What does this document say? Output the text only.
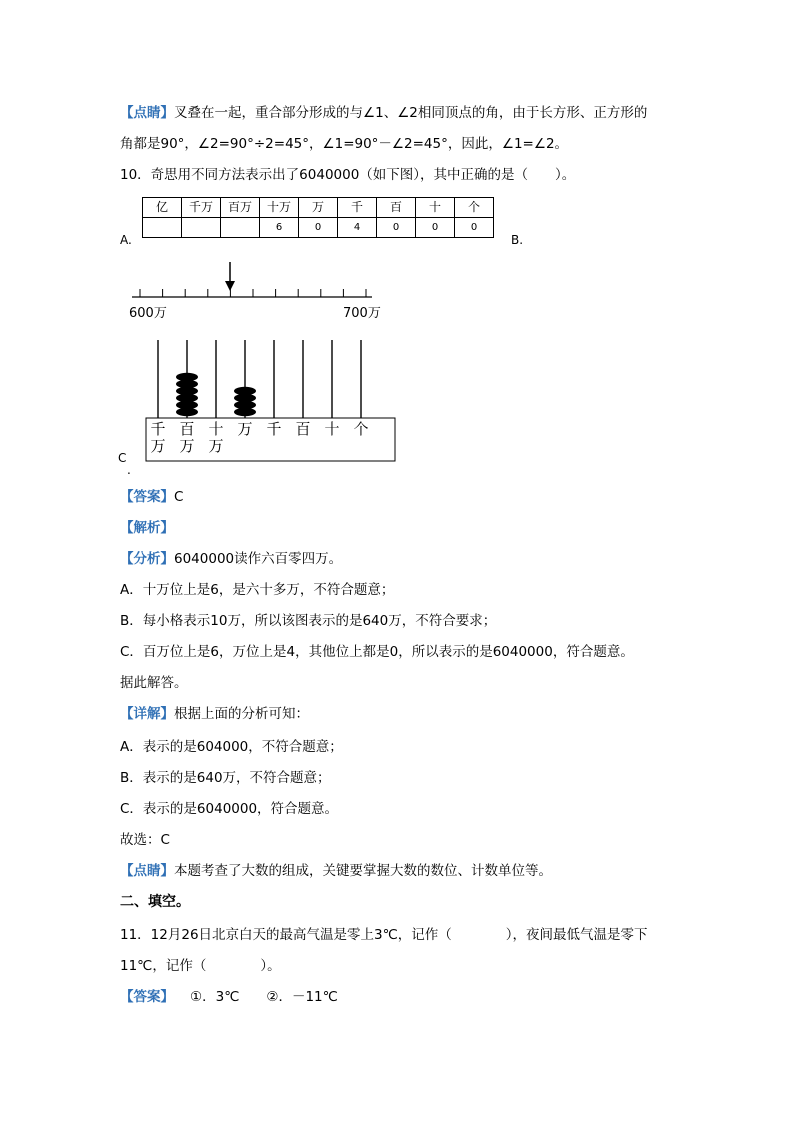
【点睛】叉叠在一起，重合部分形成的与∠1、∠2相同顶点的角，由于长方形、正方形的
角都是90°，∠2=90°÷2=45°，∠1=90°－∠2=45°，因此，∠1=∠2。
10．奇思用不同方法表示出了6040000（如下图），其中正确的是（　　）。
A.
亿	千万	百万	十万	万	千	百	十	个
			6	0	4	0	0	0
B.
600万	700万
千 百 十 万 千 百 十 个
万 万 万
C
.
【答案】C
【解析】
【分析】6040000读作六百零四万。
A．十万位上是6，是六十多万，不符合题意；
B．每小格表示10万，所以该图表示的是640万，不符合要求；
C．百万位上是6，万位上是4，其他位上都是0，所以表示的是6040000，符合题意。
据此解答。
【详解】根据上面的分析可知：
A．表示的是604000，不符合题意；
B．表示的是640万，不符合题意；
C．表示的是6040000，符合题意。
故选：C
【点睛】本题考查了大数的组成，关键要掌握大数的数位、计数单位等。
二、填空。
11．12月26日北京白天的最高气温是零上3℃，记作（　　　　），夜间最低气温是零下
11℃，记作（　　　　）。
【答案】 ①．3℃　　②．－11℃
